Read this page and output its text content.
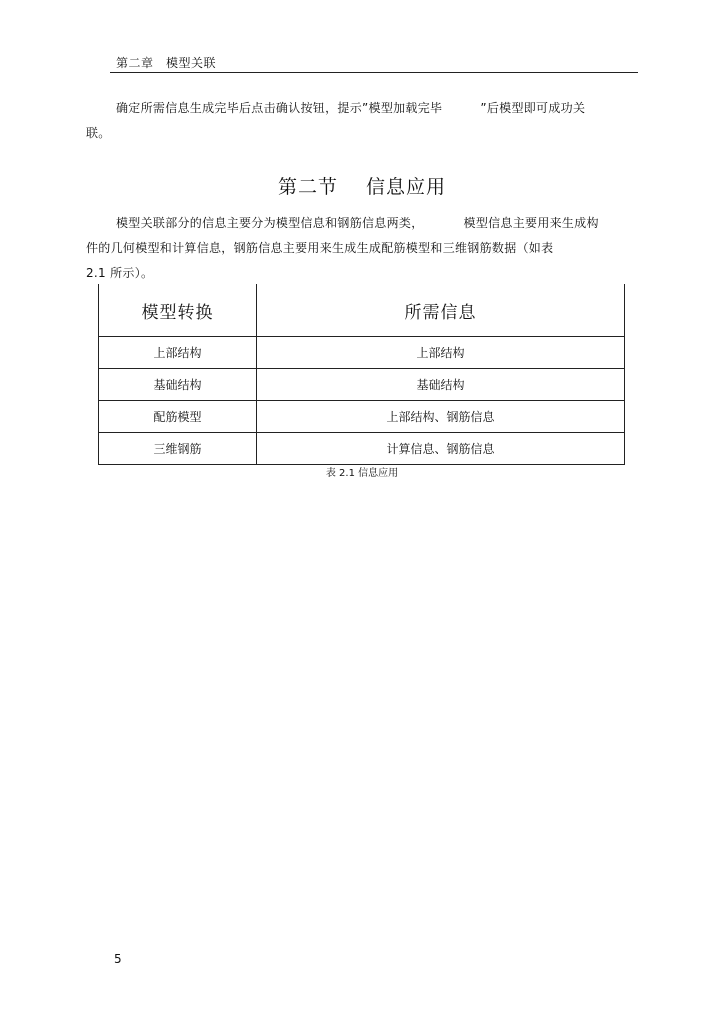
第二章　模型关联
确定所需信息生成完毕后点击确认按钮，提示”模型加载完毕	”后模型即可成功关
联。
第二节 信息应用
模型关联部分的信息主要分为模型信息和钢筋信息两类，	模型信息主要用来生成构
件的几何模型和计算信息，钢筋信息主要用来生成生成配筋模型和三维钢筋数据（如表
2.1 所示）。
模型转换	所需信息
上部结构	上部结构
基础结构	基础结构
配筋模型	上部结构、钢筋信息
三维钢筋	计算信息、钢筋信息
表 2.1 信息应用
5
